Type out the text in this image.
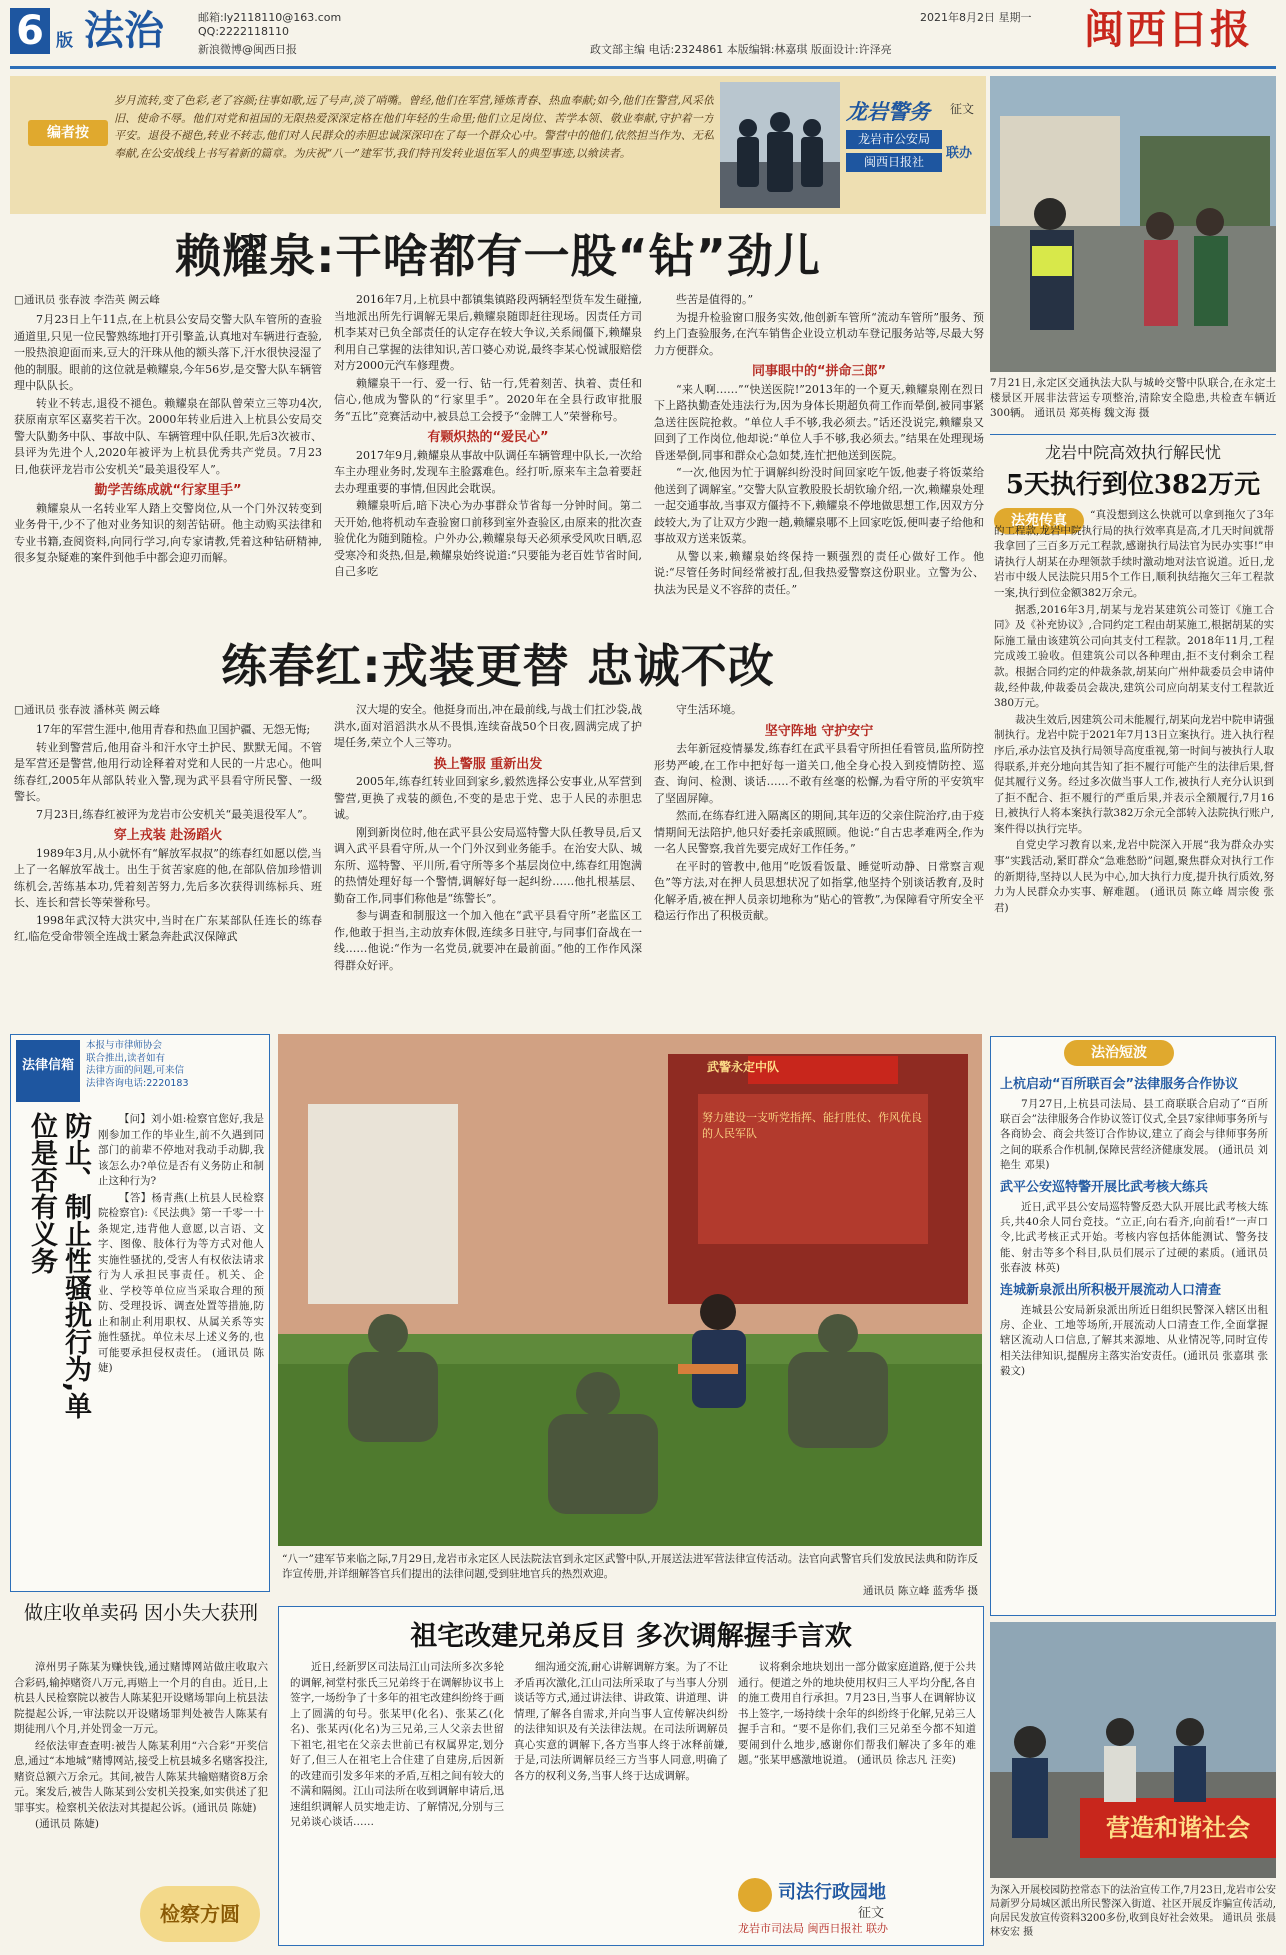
6 版 法治	邮箱:ly2118110@163.com
QQ:2222118110
新浪微博@闽西日报	政文部主编 电话:2324861 本版编辑:林嘉琪 版面设计:许泽亮
2021年8月2日 星期一 闽西日报
编者按
岁月流转,变了色彩,老了容颜;往事如歌,远了号声,淡了哨嘴。曾经,他们在军营,锤炼青春、热血奉献;如今,他们在警营,风采依旧、使命不辱。他们对党和祖国的无限热爱深深定格在他们年轻的生命里;他们立足岗位、苦学本领、敬业奉献,守护着一方平安。退役不褪色,转业不转志,他们对人民群众的赤胆忠诚深深印在了每一个群众心中。警营中的他们,依然担当作为、无私奉献,在公安战线上书写着新的篇章。为庆祝“八一”建军节,我们特刊发转业退伍军人的典型事迹,以飨读者。
龙岩警务	征文
龙岩市公安局
闽西日报社
联办
赖耀泉:干啥都有一股“钻”劲儿
□通讯员 张春波 李浩英 阙云峰

7月23日上午11点,在上杭县公安局交警大队车管所的查验通道里,只见一位民警熟练地打开引擎盖,认真地对车辆进行查验,一股热浪迎面而来,豆大的汗珠从他的额头落下,汗水很快浸湿了他的制服。眼前的这位就是赖耀泉,今年56岁,是交警大队车辆管理中队队长。

转业不转志,退役不褪色。赖耀泉在部队曾荣立三等功4次,获原南京军区嘉奖若干次。2000年转业后进入上杭县公安局交警大队勤务中队、事故中队、车辆管理中队任职,先后3次被市、县评为先进个人,2020年被评为上杭县优秀共产党员。7月23日,他获评龙岩市公安机关“最美退役军人”。

勤学苦练成就“行家里手”

赖耀泉从一名转业军人踏上交警岗位,从一个门外汉转变到业务骨干,少不了他对业务知识的刻苦钻研。他主动购买法律和专业书籍,查阅资料,向同行学习,向专家请教,凭着这种钻研精神,很多复杂疑难的案件到他手中都会迎刃而解。

2016年7月,上杭县中都镇集镇路段两辆轻型货车发生碰撞,当地派出所先行调解无果后,赖耀泉随即赶往现场。因责任方司机李某对已负全部责任的认定存在较大争议,关系闹僵下,赖耀泉利用自己掌握的法律知识,苦口婆心劝说,最终李某心悦诚服赔偿对方2000元汽车修理费。

赖耀泉干一行、爱一行、钻一行,凭着刻苦、执着、责任和信心,他成为警队的“行家里手”。2020年在全县行政审批服务“五比”竞赛活动中,被县总工会授予“金牌工人”荣誉称号。

有颗炽热的“爱民心”

2017年9月,赖耀泉从事故中队调任车辆管理中队长,一次给车主办理业务时,发现车主脸露难色。经打听,原来车主急着要赶去办理重要的事情,但因此会耽误。

赖耀泉听后,暗下决心为办事群众节省每一分钟时间。第二天开始,他将机动车查验窗口前移到室外查验区,由原来的批次查验优化为随到随检。户外办公,赖耀泉每天必须承受风吹日晒,忍受寒冷和炎热,但是,赖耀泉始终说道:“只要能为老百姓节省时间,自己多吃

些苦是值得的。”

为提升检验窗口服务实效,他创新车管所“流动车管所”服务、预约上门查验服务,在汽车销售企业设立机动车登记服务站等,尽最大努力方便群众。

同事眼中的“拼命三郎”

“来人啊……”“快送医院!”2013年的一个夏天,赖耀泉刚在烈日下上路执勤查处违法行为,因为身体长期超负荷工作而晕倒,被同事紧急送往医院抢救。“单位人手不够,我必须去。”话还没说完,赖耀泉又回到了工作岗位,他却说:“单位人手不够,我必须去。”结果在处理现场昏迷晕倒,同事和群众心急如焚,连忙把他送到医院。

“一次,他因为忙于调解纠纷没时间回家吃午饭,他妻子将饭菜给他送到了调解室。”交警大队宣教股股长胡钦瑜介绍,一次,赖耀泉处理一起交通事故,当事双方僵持不下,赖耀泉不停地做思想工作,因双方分歧较大,为了让双方少跑一趟,赖耀泉哪不上回家吃饭,便叫妻子给他和事故双方送来饭菜。

从警以来,赖耀泉始终保持一颗强烈的责任心做好工作。他说:“尽管任务时间经常被打乱,但我热爱警察这份职业。立警为公、执法为民是义不容辞的责任。”

练春红:戎装更替 忠诚不改
□通讯员 张春波 潘林英 阙云峰

17年的军营生涯中,他用青春和热血卫国护疆、无怨无悔;

转业到警营后,他用奋斗和汗水守土护民、默默无闻。不管是军营还是警营,他用行动诠释着对党和人民的一片忠心。他叫练春红,2005年从部队转业入警,现为武平县看守所民警、一级警长。

7月23日,练春红被评为龙岩市公安机关“最美退役军人”。

穿上戎装 赴汤蹈火

1989年3月,从小就怀有“解放军叔叔”的练春红如愿以偿,当上了一名解放军战士。出生于贫苦家庭的他,在部队倍加珍惜训练机会,苦练基本功,凭着刻苦努力,先后多次获得训练标兵、班长、连长和营长等荣誉称号。

1998年武汉特大洪灾中,当时在广东某部队任连长的练春红,临危受命带领全连战士紧急奔赴武汉保障武

汉大堤的安全。他挺身而出,冲在最前线,与战士们扛沙袋,战洪水,面对滔滔洪水从不畏惧,连续奋战50个日夜,圆满完成了护堤任务,荣立个人三等功。

换上警服 重新出发

2005年,练春红转业回到家乡,毅然选择公安事业,从军营到警营,更换了戎装的颜色,不变的是忠于党、忠于人民的赤胆忠诚。

刚到新岗位时,他在武平县公安局巡特警大队任教导员,后又调入武平县看守所,从一个门外汉到业务能手。在治安大队、城东所、巡特警、平川所,看守所等多个基层岗位中,练春红用饱满的热情处理好每一个警情,调解好每一起纠纷……他扎根基层、勤奋工作,同事们称他是“练警长”。

参与调查和制服这一个加入他在“武平县看守所”老监区工作,他敢于担当,主动放弃休假,连续多日驻守,与同事们奋战在一线……他说:“作为一名党员,就要冲在最前面。”他的工作作风深得群众好评。

守生活环境。

坚守阵地 守护安宁

去年新冠疫情暴发,练春红在武平县看守所担任看管员,监所防控形势严峻,在工作中把好每一道关口,他全身心投入到疫情防控、巡查、询问、检测、谈话……不敢有丝毫的松懈,为看守所的平安筑牢了坚固屏障。

然而,在练春红进入隔离区的期间,其年迈的父亲住院治疗,由于疫情期间无法陪护,他只好委托亲戚照顾。他说:“自古忠孝难两全,作为一名人民警察,我首先要完成好工作任务。”

在平时的管教中,他用“吃饭看饭量、睡觉听动静、日常察言观色”等方法,对在押人员思想状况了如指掌,他坚持个别谈话教育,及时化解矛盾,被在押人员亲切地称为“贴心的管教”,为保障看守所安全平稳运行作出了积极贡献。

7月21日,永定区交通执法大队与城岭交警中队联合,在永定土楼景区开展非法营运专项整治,清除安全隐患,共检查车辆近300辆。 通讯员 郑英梅 魏文海 摄
龙岩中院高效执行解民忧
5天执行到位382万元
法苑传真	“真没想到这么快就可以拿到拖欠了3年的工程款,龙岩中院执行局的执行效率真是高,才几天时间就帮我拿回了三百多万元工程款,感谢执行局法官为民办实事!”申请执行人胡某在办理领款手续时激动地对法官说道。近日,龙岩市中级人民法院只用5个工作日,顺利执结拖欠三年工程款一案,执行到位金额382万余元。

据悉,2016年3月,胡某与龙岩某建筑公司签订《施工合同》及《补充协议》,合同约定工程由胡某施工,根据胡某的实际施工量由该建筑公司向其支付工程款。2018年11月,工程完成竣工验收。但建筑公司以各种理由,拒不支付剩余工程款。根据合同约定的仲裁条款,胡某向广州仲裁委员会申请仲裁,经仲裁,仲裁委员会裁决,建筑公司应向胡某支付工程款近380万元。

裁决生效后,因建筑公司未能履行,胡某向龙岩中院申请强制执行。龙岩中院于2021年7月13日立案执行。进入执行程序后,承办法官及执行局领导高度重视,第一时间与被执行人取得联系,并充分地向其告知了拒不履行可能产生的法律后果,督促其履行义务。经过多次做当事人工作,被执行人充分认识到了拒不配合、拒不履行的严重后果,并表示全额履行,7月16日,被执行人将本案执行款382万余元全部转入法院执行账户,案件得以执行完毕。

自党史学习教育以来,龙岩中院深入开展“我为群众办实事”实践活动,紧盯群众“急难愁盼”问题,聚焦群众对执行工作的新期待,坚持以人民为中心,加大执行力度,提升执行质效,努力为人民群众办实事、解难题。 (通讯员 陈立峰 周宗俊 张君)

法律信箱
本报与市律师协会
联合推出,读者如有
法律方面的问题,可来信
法律咨询电话:2220183
防止、制止性骚扰行为,单位是否有义务	【问】刘小姐:检察官您好,我是刚参加工作的毕业生,前不久遇到同部门的前辈不停地对我动手动脚,我该怎么办?单位是否有义务防止和制止这种行为?

【答】杨青燕(上杭县人民检察院检察官):《民法典》第一千零一十条规定,违背他人意愿,以言语、文字、图像、肢体行为等方式对他人实施性骚扰的,受害人有权依法请求行为人承担民事责任。机关、企业、学校等单位应当采取合理的预防、受理投诉、调查处置等措施,防止和制止利用职权、从属关系等实施性骚扰。单位未尽上述义务的,也可能要承担侵权责任。 (通讯员 陈婕)

做庄收单卖码 因小失大获刑

漳州男子陈某为赚快钱,通过赌博网站做庄收取六合彩码,输掉赌资八万元,再赔上一个月的自由。近日,上杭县人民检察院以被告人陈某犯开设赌场罪向上杭县法院提起公诉,一审法院以开设赌场罪判处被告人陈某有期徒刑八个月,并处罚金一万元。

经依法审查查明:被告人陈某利用“六合彩”开奖信息,通过“本地城”赌博网站,接受上杭县城多名赌客投注,赌资总额六万余元。其间,被告人陈某共输赔赌资8万余元。案发后,被告人陈某到公安机关投案,如实供述了犯罪事实。检察机关依法对其提起公诉。(通讯员 陈婕)

(通讯员 陈婕)

检察方圆
武警永定中队
努力建设一支听党指挥、能打胜仗、作风优良的人民军队
“八一”建军节来临之际,7月29日,龙岩市永定区人民法院法官到永定区武警中队,开展送法进军营法律宣传活动。法官向武警官兵们发放民法典和防诈反诈宣传册,并详细解答官兵们提出的法律问题,受到驻地官兵的热烈欢迎。
通讯员 陈立峰 蓝秀华 摄
祖宅改建兄弟反目 多次调解握手言欢

近日,经新罗区司法局江山司法所多次多轮的调解,祠堂村张氏三兄弟终于在调解协议书上签字,一场纷争了十多年的祖宅改建纠纷终于画上了圆满的句号。张某甲(化名)、张某乙(化名)、张某丙(化名)为三兄弟,三人父亲去世留下祖宅,祖宅在父亲去世前已有权属界定,划分好了,但三人在祖宅上合住建了自建房,后因新的改建而引发多年来的矛盾,互相之间有较大的不满和隔阂。江山司法所在收到调解申请后,迅速组织调解人员实地走访、了解情况,分别与三兄弟谈心谈话……

细沟通交流,耐心讲解调解方案。为了不让矛盾再次激化,江山司法所采取了与当事人分别谈话等方式,通过讲法律、讲政策、讲道理、讲情理,了解各自需求,并向当事人宣传解决纠纷的法律知识及有关法律法规。在司法所调解员真心实意的调解下,各方当事人终于冰释前嫌,于是,司法所调解员经三方当事人同意,明确了各方的权利义务,当事人终于达成调解。

议将剩余地块划出一部分做家庭道路,便于公共通行。便道之外的地块使用权归三人平均分配,各自的施工费用自行承担。7月23日,当事人在调解协议书上签字,一场持续十余年的纠纷终于化解,兄弟三人握手言和。“要不是你们,我们三兄弟至今都不知道要闹到什么地步,感谢你们帮我们解决了多年的难题。”张某甲感激地说道。 (通讯员 徐志凡 汪奕)

司法行政园地
征文
龙岩市司法局 闽西日报社 联办
法治短波
上杭启动“百所联百会”法律服务合作协议

7月27日,上杭县司法局、县工商联联合启动了“百所联百会”法律服务合作协议签订仪式,全县7家律师事务所与各商协会、商会共签订合作协议,建立了商会与律师事务所之间的联系合作机制,保障民营经济健康发展。 (通讯员 刘艳生 邓果)

武平公安巡特警开展比武考核大练兵

近日,武平县公安局巡特警反恐大队开展比武考核大练兵,共40余人同台竞技。“立正,向右看齐,向前看!”一声口令,比武考核正式开始。考核内容包括体能测试、警务技能、射击等多个科目,队员们展示了过硬的素质。(通讯员 张春波 林英)

连城新泉派出所积极开展流动人口清查

连城县公安局新泉派出所近日组织民警深入辖区出租房、企业、工地等场所,开展流动人口清查工作,全面掌握辖区流动人口信息,了解其来源地、从业情况等,同时宣传相关法律知识,提醒房主落实治安责任。(通讯员 张嘉琪 张毅文)

营造和谐社会
为深入开展校园防控常态下的法治宣传工作,7月23日,龙岩市公安局新罗分局城区派出所民警深入街道、社区开展反诈骗宣传活动,向居民发放宣传资料3200多份,收到良好社会效果。 通讯员 张晨 林安宏 摄
